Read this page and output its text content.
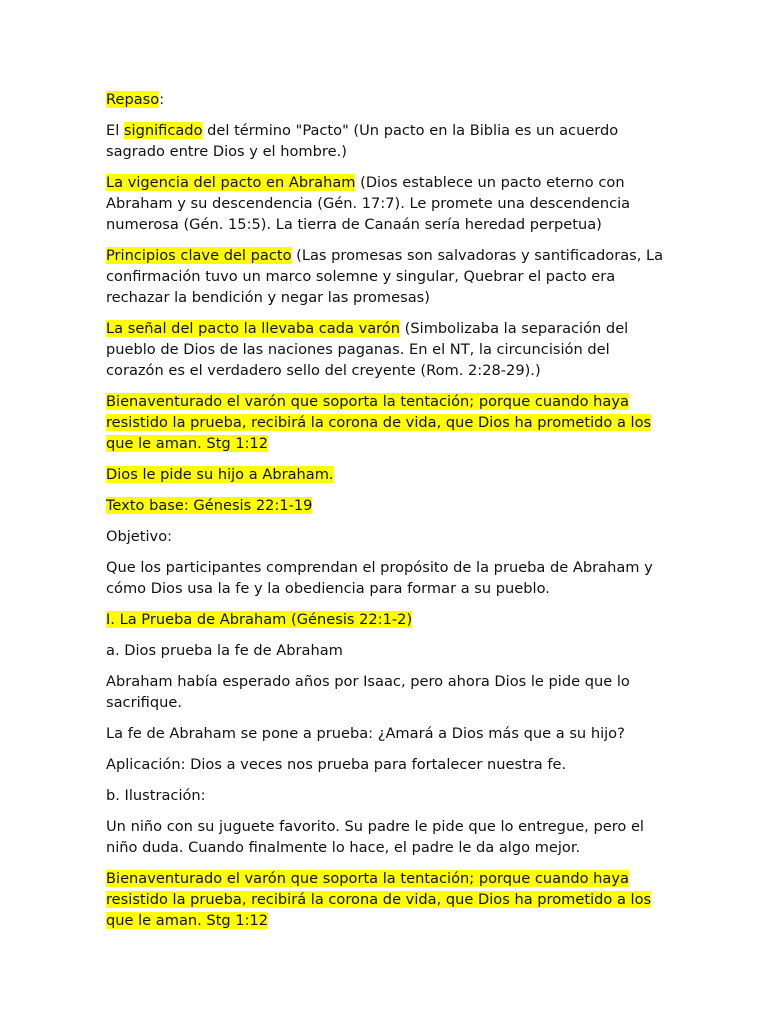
Repaso:

El significado del término "Pacto" (Un pacto en la Biblia es un acuerdo sagrado entre Dios y el hombre.)

La vigencia del pacto en Abraham (Dios establece un pacto eterno con Abraham y su descendencia (Gén. 17:7). Le promete una descendencia numerosa (Gén. 15:5). La tierra de Canaán sería heredad perpetua)

Principios clave del pacto (Las promesas son salvadoras y santificadoras, La confirmación tuvo un marco solemne y singular, Quebrar el pacto era rechazar la bendición y negar las promesas)

La señal del pacto la llevaba cada varón (Simbolizaba la separación del pueblo de Dios de las naciones paganas. En el NT, la circuncisión del corazón es el verdadero sello del creyente (Rom. 2:28-29).)

Bienaventurado el varón que soporta la tentación; porque cuando haya resistido la prueba, recibirá la corona de vida, que Dios ha prometido a los que le aman. Stg 1:12

Dios le pide su hijo a Abraham.

Texto base: Génesis 22:1-19

Objetivo:

Que los participantes comprendan el propósito de la prueba de Abraham y cómo Dios usa la fe y la obediencia para formar a su pueblo.

I. La Prueba de Abraham (Génesis 22:1-2)

a. Dios prueba la fe de Abraham

Abraham había esperado años por Isaac, pero ahora Dios le pide que lo sacrifique.

La fe de Abraham se pone a prueba: ¿Amará a Dios más que a su hijo?

Aplicación: Dios a veces nos prueba para fortalecer nuestra fe.

b. Ilustración:

Un niño con su juguete favorito. Su padre le pide que lo entregue, pero el niño duda. Cuando finalmente lo hace, el padre le da algo mejor.

Bienaventurado el varón que soporta la tentación; porque cuando haya resistido la prueba, recibirá la corona de vida, que Dios ha prometido a los que le aman. Stg 1:12
